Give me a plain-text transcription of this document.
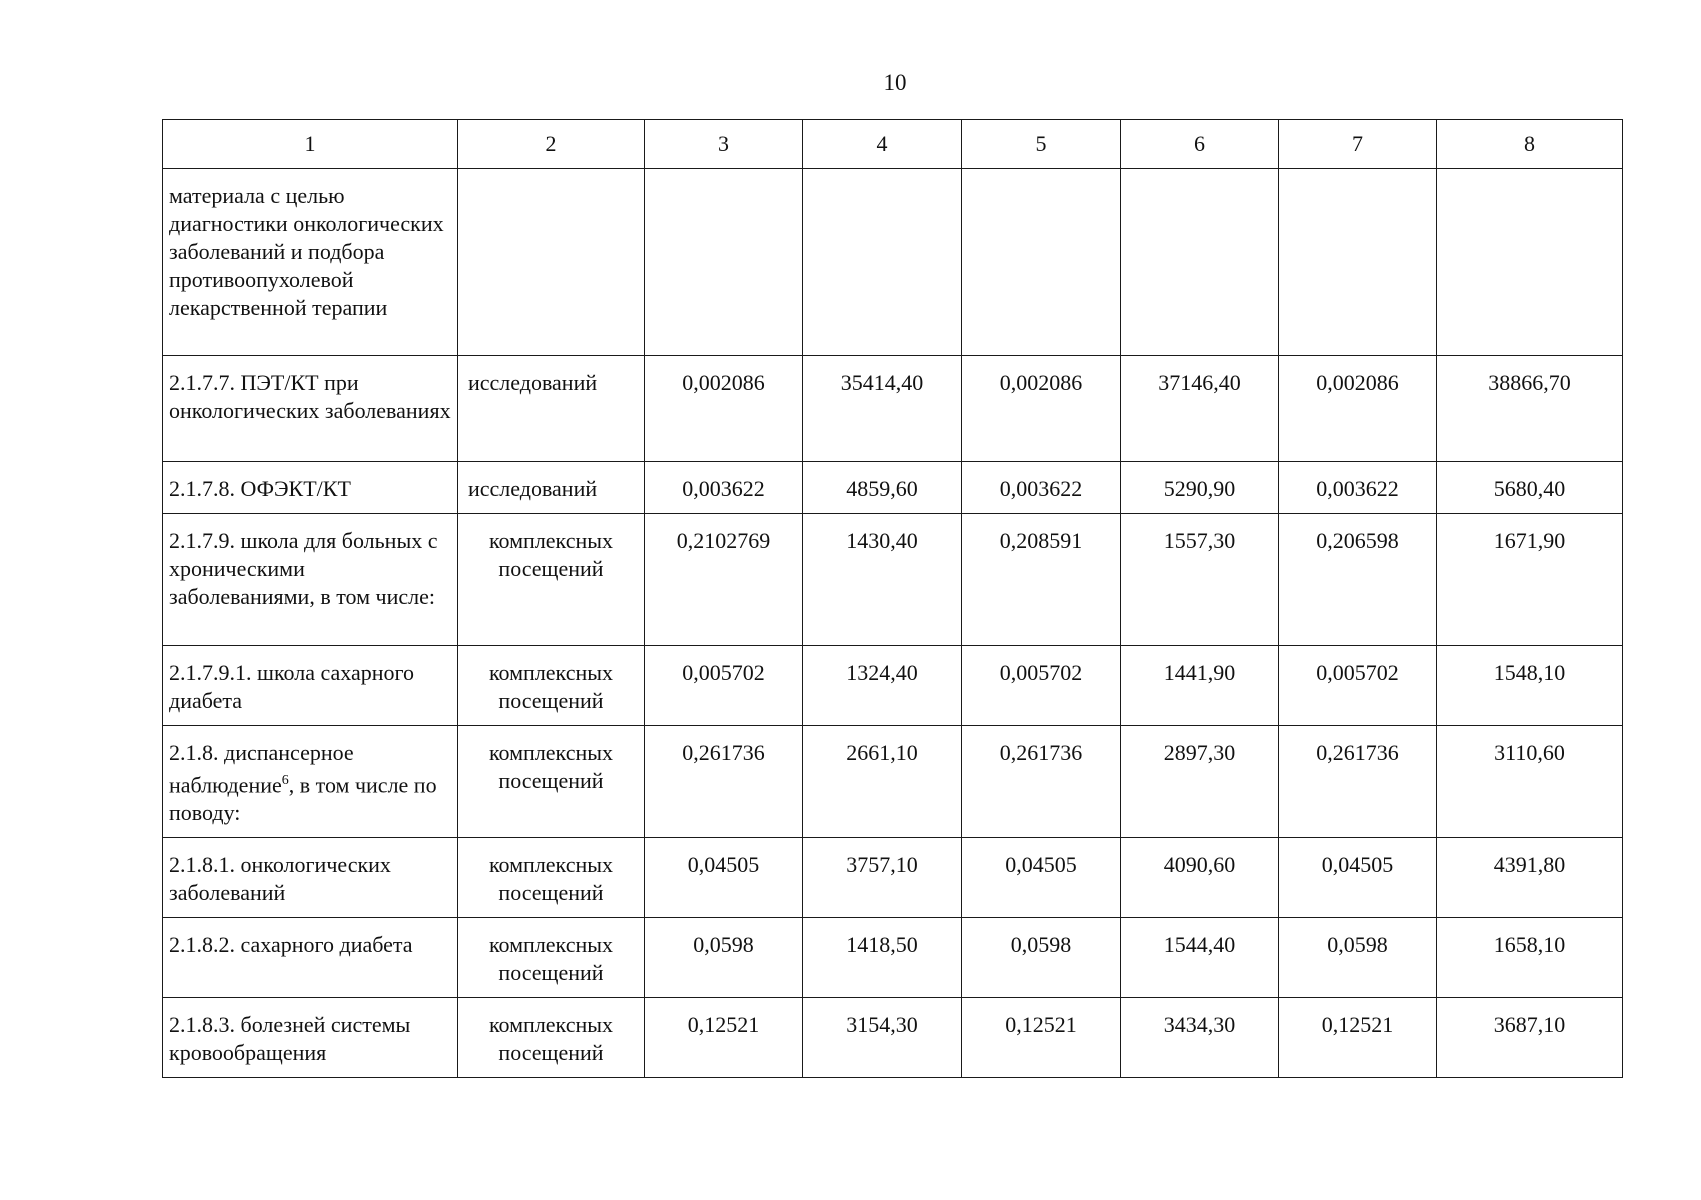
10
1	2	3	4	5	6	7	8
материала с целью диагностики онкологических заболеваний и подбора противоопухолевой лекарственной терапии							
2.1.7.7. ПЭТ/КТ при онкологических заболеваниях	исследований	0,002086	35414,40	0,002086	37146,40	0,002086	38866,70
2.1.7.8. ОФЭКТ/КТ	исследований	0,003622	4859,60	0,003622	5290,90	0,003622	5680,40
2.1.7.9. школа для больных с хроническими заболеваниями, в том числе:	комплексных посещений	0,2102769	1430,40	0,208591	1557,30	0,206598	1671,90
2.1.7.9.1. школа сахарного диабета	комплексных посещений	0,005702	1324,40	0,005702	1441,90	0,005702	1548,10
2.1.8. диспансерное наблюдение$^6$, в том числе по поводу:	комплексных посещений	0,261736	2661,10	0,261736	2897,30	0,261736	3110,60
2.1.8.1. онкологических заболеваний	комплексных посещений	0,04505	3757,10	0,04505	4090,60	0,04505	4391,80
2.1.8.2. сахарного диабета	комплексных посещений	0,0598	1418,50	0,0598	1544,40	0,0598	1658,10
2.1.8.3. болезней системы кровообращения	комплексных посещений	0,12521	3154,30	0,12521	3434,30	0,12521	3687,10
